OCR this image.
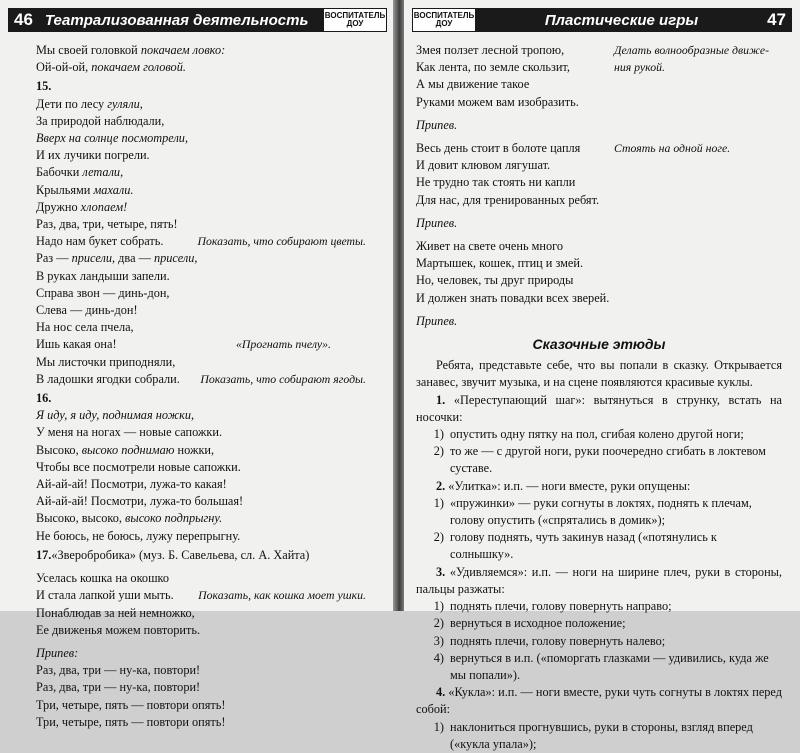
46 Театрализованная деятельность	ВОСПИТАТЕЛЬ
ДОУ
Мы своей головкой покачаем ловко:
Ой-ой-ой, покачаем головой.
15.
Дети по лесу гуляли,
За природой наблюдали,
Вверх на солнце посмотрели,
И их лучики погрели.
Бабочки летали,
Крыльями махали.
Дружно хлопаем!
Раз, два, три, четыре, пять!
Надо нам букет собрать.	Показать, что собирают цветы.
Раз — присели, два — присели,
В руках ландыши запели.
Справа звон — динь-дон,
Слева — динь-дон!
На нос села пчела,
Ишь какая она!	«Прогнать пчелу».
Мы листочки приподняли,
В ладошки ягодки собрали.	Показать, что собирают ягоды.
16.
Я иду, я иду, поднимая ножки,
У меня на ногах — новые сапожки.
Высоко, высоко поднимаю ножки,
Чтобы все посмотрели новые сапожки.
Ай-ай-ай! Посмотри, лужа-то какая!
Ай-ай-ай! Посмотри, лужа-то большая!
Высоко, высоко, высоко подпрыгну.
Не боюсь, не боюсь, лужу перепрыгну.
17. «Зверобробика» (муз. Б. Савельева, сл. А. Хайта)
Уселась кошка на окошко
И стала лапкой уши мыть.	Показать, как кошка моет ушки.
Понаблюдав за ней немножко,
Ее движенья можем повторить.
Припев:
Раз, два, три — ну-ка, повтори!
Раз, два, три — ну-ка, повтори!
Три, четыре, пять — повтори опять!
Три, четыре, пять — повтори опять!
ВОСПИТАТЕЛЬ
ДОУ	Пластические игры	47
Змея ползет лесной тропою,	Делать волнообразные движе-
Как лента, по земле скользит,	ния рукой.
А мы движение такое
Руками можем вам изобразить.
Припев.
Весь день стоит в болоте цапля	Стоять на одной ноге.
И довит клювом лягушат.
Не трудно так стоять ни капли
Для нас, для тренированных ребят.
Припев.
Живет на свете очень много
Мартышек, кошек, птиц и змей.
Но, человек, ты друг природы
И должен знать повадки всех зверей.
Припев.
Сказочные этюды
Ребята, представьте себе, что вы попали в сказку. Открывается занавес, звучит музыка, и на сцене появляются красивые куклы.
1. «Переступающий шаг»: вытянуться в струнку, встать на носочки:
1) опустить одну пятку на пол, сгибая колено другой ноги;
2) то же — с другой ноги, руки поочередно сгибать в локтевом суставе.
2. «Улитка»: и.п. — ноги вместе, руки опущены:
1) «пружинки» — руки согнуты в локтях, поднять к плечам, голову опустить («спрятались в домик»);
2) голову поднять, чуть закинув назад («потянулись к солнышку».
3. «Удивляемся»: и.п. — ноги на ширине плеч, руки в стороны, пальцы разжаты:
1) поднять плечи, голову повернуть направо;
2) вернуться в исходное положение;
3) поднять плечи, голову повернуть налево;
4) вернуться в и.п. («поморгать глазками — удивились, куда же мы попали»).
4. «Кукла»: и.п. — ноги вместе, руки чуть согнуты в локтях перед собой:
1) наклониться прогнувшись, руки в стороны, взгляд вперед («кукла упала»);
